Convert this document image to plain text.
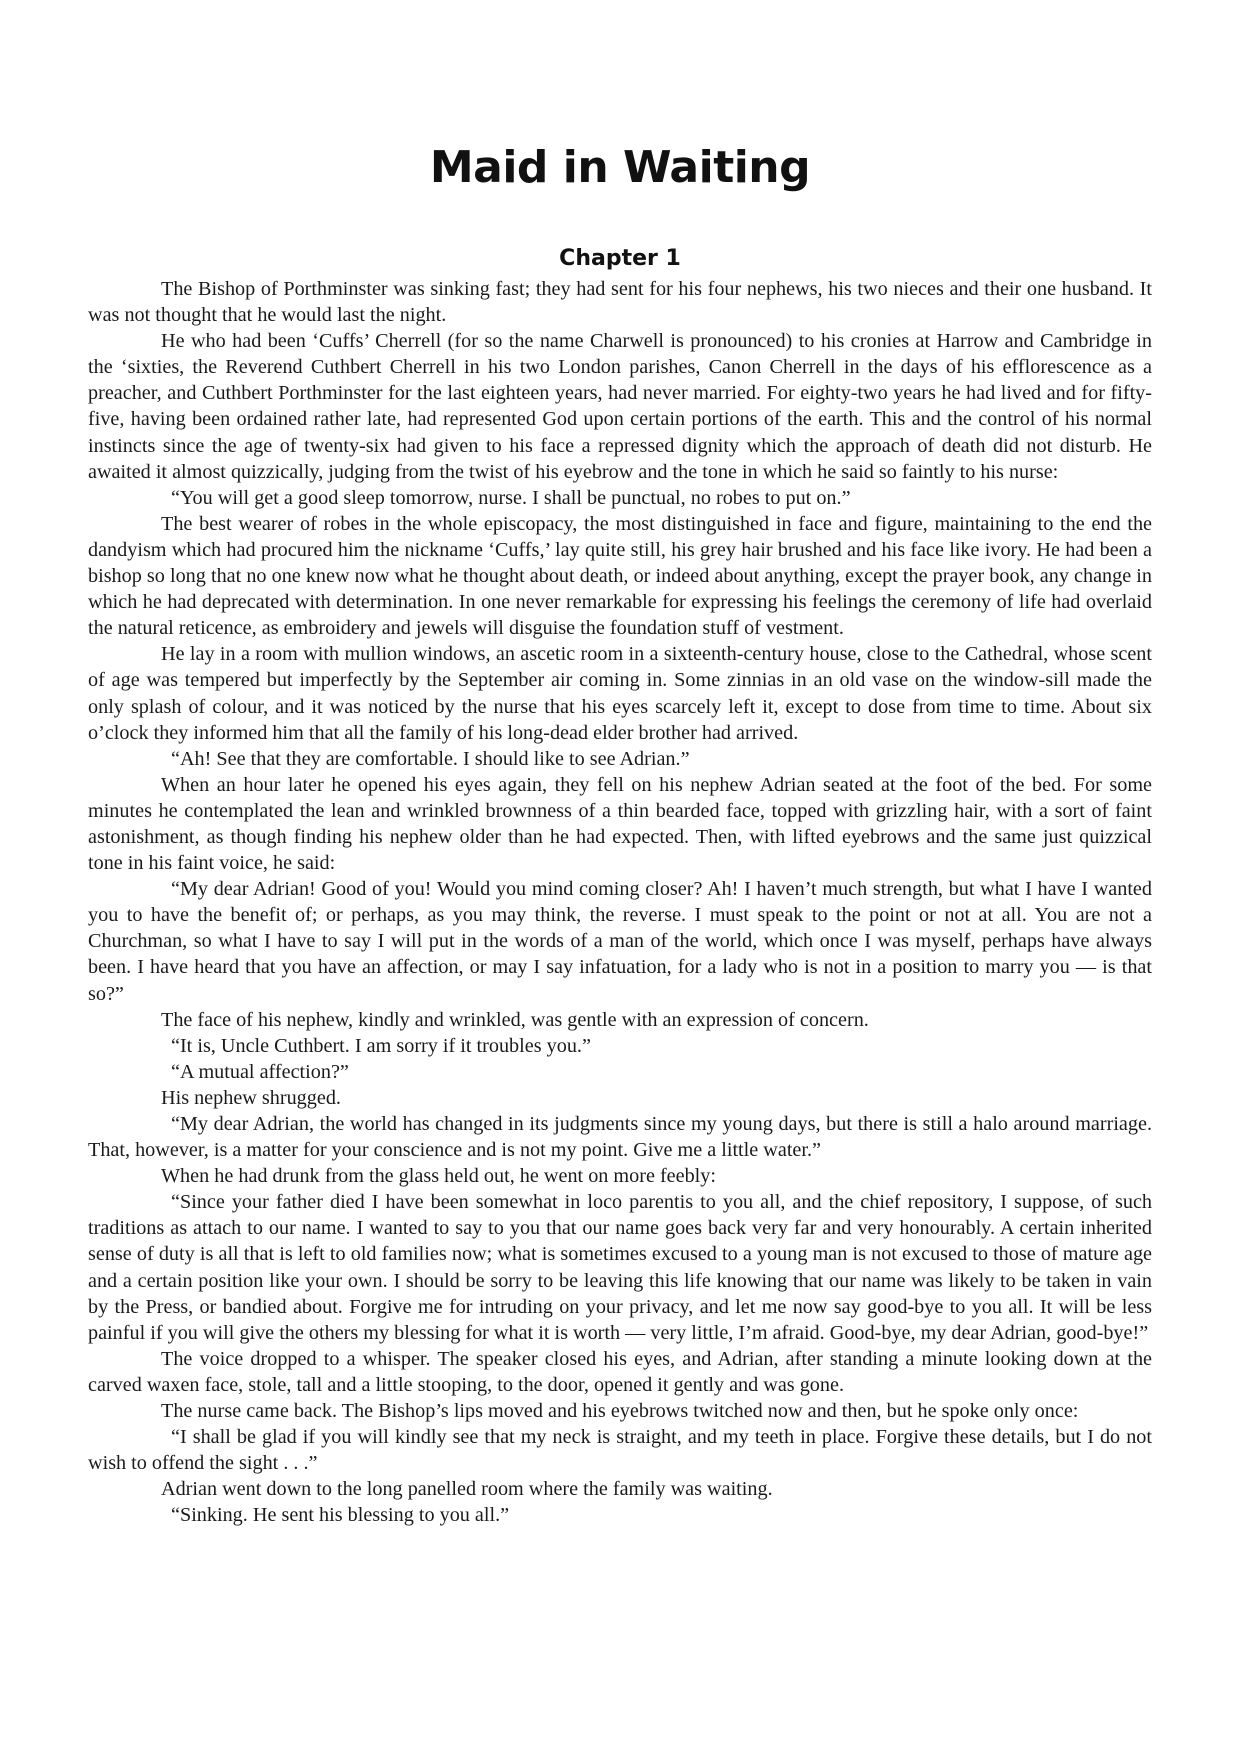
Maid in Waiting
Chapter 1

The Bishop of Porthminster was sinking fast; they had sent for his four nephews, his two nieces and their one husband. It was not thought that he would last the night.

He who had been ‘Cuffs’ Cherrell (for so the name Charwell is pronounced) to his cronies at Harrow and Cambridge in the ‘sixties, the Reverend Cuthbert Cherrell in his two London parishes, Canon Cherrell in the days of his efflorescence as a preacher, and Cuthbert Porthminster for the last eighteen years, had never married. For eighty-two years he had lived and for fifty-five, having been ordained rather late, had represented God upon certain portions of the earth. This and the control of his normal instincts since the age of twenty-six had given to his face a repressed dignity which the approach of death did not disturb. He awaited it almost quizzically, judging from the twist of his eyebrow and the tone in which he said so faintly to his nurse:

“You will get a good sleep tomorrow, nurse. I shall be punctual, no robes to put on.”

The best wearer of robes in the whole episcopacy, the most distinguished in face and figure, maintaining to the end the dandyism which had procured him the nickname ‘Cuffs,’ lay quite still, his grey hair brushed and his face like ivory. He had been a bishop so long that no one knew now what he thought about death, or indeed about anything, except the prayer book, any change in which he had deprecated with determination. In one never remarkable for expressing his feelings the ceremony of life had overlaid the natural reticence, as embroidery and jewels will disguise the foundation stuff of vestment.

He lay in a room with mullion windows, an ascetic room in a sixteenth-century house, close to the Cathedral, whose scent of age was tempered but imperfectly by the September air coming in. Some zinnias in an old vase on the window-sill made the only splash of colour, and it was noticed by the nurse that his eyes scarcely left it, except to dose from time to time. About six o’clock they informed him that all the family of his long-dead elder brother had arrived.

“Ah! See that they are comfortable. I should like to see Adrian.”

When an hour later he opened his eyes again, they fell on his nephew Adrian seated at the foot of the bed. For some minutes he contemplated the lean and wrinkled brownness of a thin bearded face, topped with grizzling hair, with a sort of faint astonishment, as though finding his nephew older than he had expected. Then, with lifted eyebrows and the same just quizzical tone in his faint voice, he said:

“My dear Adrian! Good of you! Would you mind coming closer? Ah! I haven’t much strength, but what I have I wanted you to have the benefit of; or perhaps, as you may think, the reverse. I must speak to the point or not at all. You are not a Churchman, so what I have to say I will put in the words of a man of the world, which once I was myself, perhaps have always been. I have heard that you have an affection, or may I say infatuation, for a lady who is not in a position to marry you — is that so?”

The face of his nephew, kindly and wrinkled, was gentle with an expression of concern.

“It is, Uncle Cuthbert. I am sorry if it troubles you.”

“A mutual affection?”

His nephew shrugged.

“My dear Adrian, the world has changed in its judgments since my young days, but there is still a halo around marriage. That, however, is a matter for your conscience and is not my point. Give me a little water.”

When he had drunk from the glass held out, he went on more feebly:

“Since your father died I have been somewhat in loco parentis to you all, and the chief repository, I suppose, of such traditions as attach to our name. I wanted to say to you that our name goes back very far and very honourably. A certain inherited sense of duty is all that is left to old families now; what is sometimes excused to a young man is not excused to those of mature age and a certain position like your own. I should be sorry to be leaving this life knowing that our name was likely to be taken in vain by the Press, or bandied about. Forgive me for intruding on your privacy, and let me now say good-bye to you all. It will be less painful if you will give the others my blessing for what it is worth — very little, I’m afraid. Good-bye, my dear Adrian, good-bye!”

The voice dropped to a whisper. The speaker closed his eyes, and Adrian, after standing a minute looking down at the carved waxen face, stole, tall and a little stooping, to the door, opened it gently and was gone.

The nurse came back. The Bishop’s lips moved and his eyebrows twitched now and then, but he spoke only once:

“I shall be glad if you will kindly see that my neck is straight, and my teeth in place. Forgive these details, but I do not wish to offend the sight . . .”

Adrian went down to the long panelled room where the family was waiting.

“Sinking. He sent his blessing to you all.”
